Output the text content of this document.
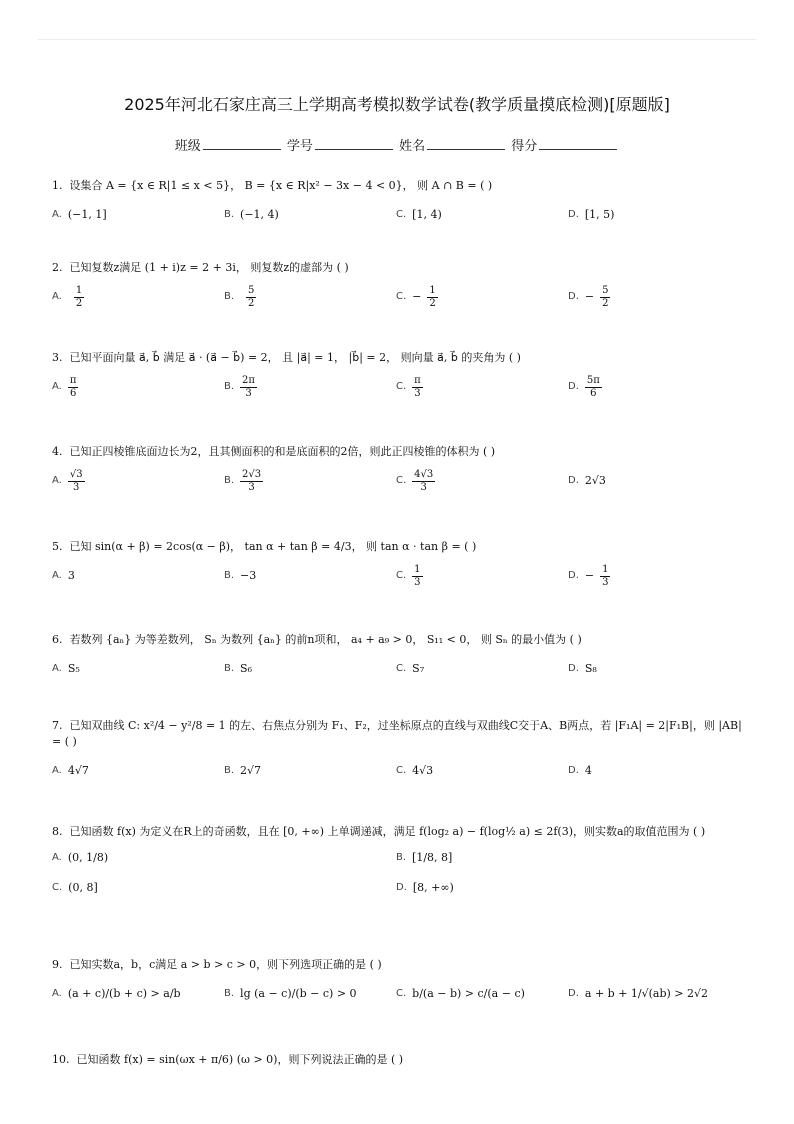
2025年河北石家庄高三上学期高考模拟数学试卷(教学质量摸底检测)[原题版]
班级	学号	姓名	得分
1. 设集合 A = {x ∈ R|1 ≤ x < 5}， B = {x ∈ R|x² − 3x − 4 < 0}， 则 A ∩ B = ( )
A. (−1, 1]	B. (−1, 4)	C. [1, 4)	D. [1, 5)
2. 已知复数z满足 (1 + i)z = 2 + 3i， 则复数z的虚部为 ( )
A. $\frac{1}{2}$	B. $\frac{5}{2}$	C. − $\frac{1}{2}$	D. − $\frac{5}{2}$
3. 已知平面向量 a⃗, b⃗ 满足 a⃗ · (a⃗ − b⃗) = 2， 且 |a⃗| = 1， |b⃗| = 2， 则向量 a⃗, b⃗ 的夹角为 ( )
A. $\frac{\pi}{6}$	B. $\frac{2\pi}{3}$	C. $\frac{\pi}{3}$	D. $\frac{5\pi}{6}$
4. 已知正四棱锥底面边长为2，且其侧面积的和是底面积的2倍，则此正四棱锥的体积为 ( )
A. $\frac{√3}{3}$	B. $\frac{2√3}{3}$	C. $\frac{4√3}{3}$	D. 2√3
5. 已知 sin(α + β) = 2cos(α − β)， tan α + tan β = 4/3， 则 tan α · tan β = ( )
A. 3	B. −3	C. $\frac{1}{3}$	D. − $\frac{1}{3}$
6. 若数列 {aₙ} 为等差数列， Sₙ 为数列 {aₙ} 的前n项和， a₄ + a₉ > 0， S₁₁ < 0， 则 Sₙ 的最小值为 ( )
A. S₅	B. S₆	C. S₇	D. S₈
7. 已知双曲线 C: x²/4 − y²/8 = 1 的左、右焦点分别为 F₁、F₂，过坐标原点的直线与双曲线C交于A、B两点，若 |F₁A| = 2|F₁B|，则 |AB| = ( )
A. 4√7	B. 2√7	C. 4√3	D. 4
8. 已知函数 f(x) 为定义在R上的奇函数，且在 [0, +∞) 上单调递减，满足 f(log₂ a) − f(log½ a) ≤ 2f(3)，则实数a的取值范围为 ( )
A. (0, 1/8)	B. [1/8, 8]
C. (0, 8]	D. [8, +∞)
9. 已知实数a，b，c满足 a > b > c > 0，则下列选项正确的是 ( )
A. (a + c)/(b + c) > a/b	B. lg (a − c)/(b − c) > 0	C. b/(a − b) > c/(a − c)	D. a + b + 1/√(ab) > 2√2
10. 已知函数 f(x) = sin(ωx + π/6) (ω > 0)，则下列说法正确的是 ( )
